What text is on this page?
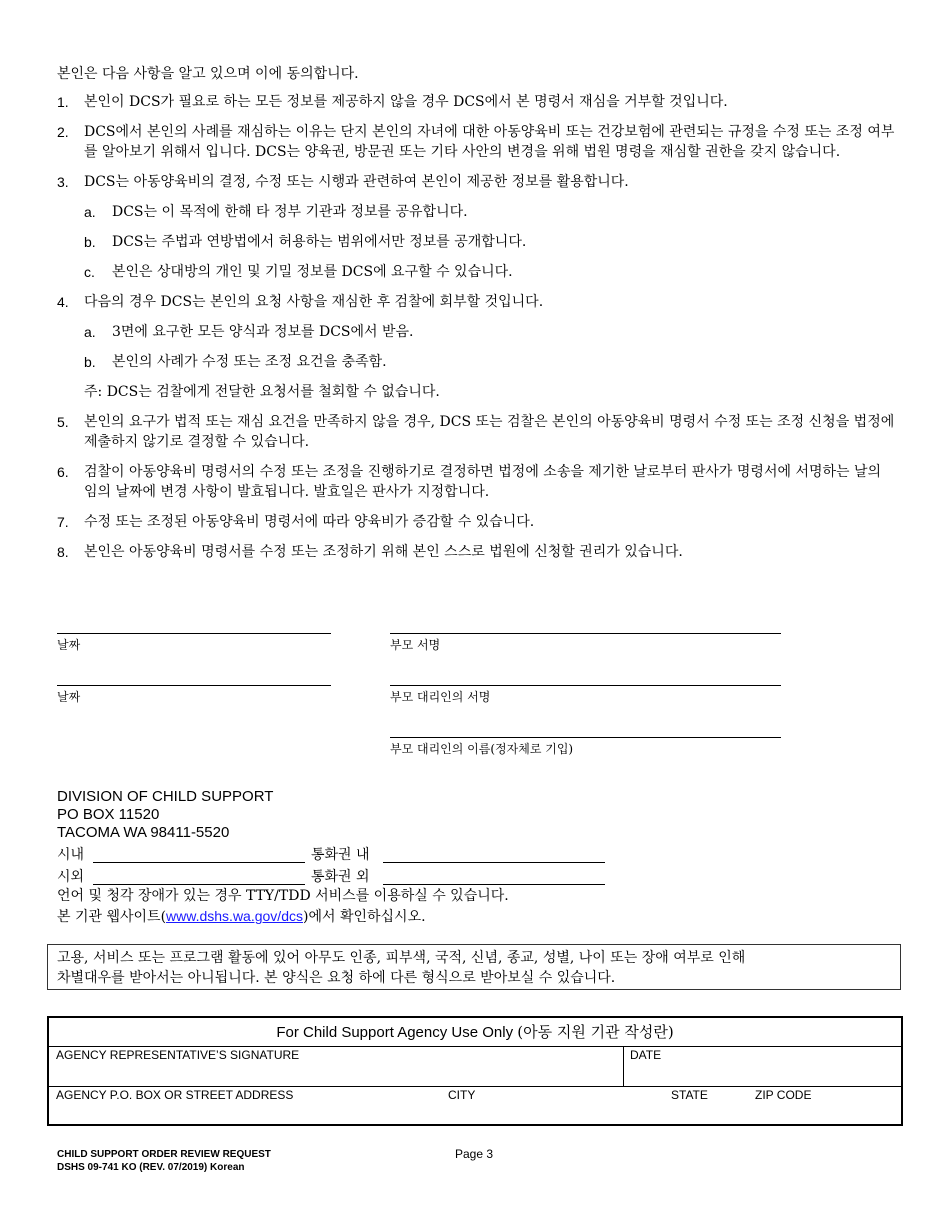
본인은 다음 사항을 알고 있으며 이에 동의합니다.
1. 본인이 DCS가 필요로 하는 모든 정보를 제공하지 않을 경우 DCS에서 본 명령서 재심을 거부할 것입니다.
2. DCS에서 본인의 사례를 재심하는 이유는 단지 본인의 자녀에 대한 아동양육비 또는 건강보험에 관련되는 규정을 수정 또는 조정 여부를 알아보기 위해서 입니다. DCS는 양육권, 방문권 또는 기타 사안의 변경을 위해 법원 명령을 재심할 권한을 갖지 않습니다.
3. DCS는 아동양육비의 결정, 수정 또는 시행과 관련하여 본인이 제공한 정보를 활용합니다.
a. DCS는 이 목적에 한해 타 정부 기관과 정보를 공유합니다.
b. DCS는 주법과 연방법에서 허용하는 범위에서만 정보를 공개합니다.
c. 본인은 상대방의 개인 및 기밀 정보를 DCS에 요구할 수 있습니다.
4. 다음의 경우 DCS는 본인의 요청 사항을 재심한 후 검찰에 회부할 것입니다.
a. 3면에 요구한 모든 양식과 정보를 DCS에서 받음.
b. 본인의 사례가 수정 또는 조정 요건을 충족함.
주: DCS는 검찰에게 전달한 요청서를 철회할 수 없습니다.
5. 본인의 요구가 법적 또는 재심 요건을 만족하지 않을 경우, DCS 또는 검찰은 본인의 아동양육비 명령서 수정 또는 조정 신청을 법정에 제출하지 않기로 결정할 수 있습니다.
6. 검찰이 아동양육비 명령서의 수정 또는 조정을 진행하기로 결정하면 법정에 소송을 제기한 날로부터 판사가 명령서에 서명하는 날의 임의 날짜에 변경 사항이 발효됩니다. 발효일은 판사가 지정합니다.
7. 수정 또는 조정된 아동양육비 명령서에 따라 양육비가 증감할 수 있습니다.
8. 본인은 아동양육비 명령서를 수정 또는 조정하기 위해 본인 스스로 법원에 신청할 권리가 있습니다.
날짜	부모 서명
날짜	부모 대리인의 서명
부모 대리인의 이름(정자체로 기입)
DIVISION OF CHILD SUPPORT
PO BOX 11520
TACOMA WA 98411-5520
시내	통화권 내
시외	통화권 외
언어 및 청각 장애가 있는 경우 TTY/TDD 서비스를 이용하실 수 있습니다.
본 기관 웹사이트(www.dshs.wa.gov/dcs)에서 확인하십시오.
고용, 서비스 또는 프로그램 활동에 있어 아무도 인종, 피부색, 국적, 신념, 종교, 성별, 나이 또는 장애 여부로 인해
차별대우를 받아서는 아니됩니다. 본 양식은 요청 하에 다른 형식으로 받아보실 수 있습니다.
For Child Support Agency Use Only (아동 지원 기관 작성란)
AGENCY REPRESENTATIVE’S SIGNATURE	DATE
AGENCY P.O. BOX OR STREET ADDRESS	CITY	STATE	ZIP CODE
CHILD SUPPORT ORDER REVIEW REQUEST
DSHS 09-741 KO (REV. 07/2019) Korean
Page 3
